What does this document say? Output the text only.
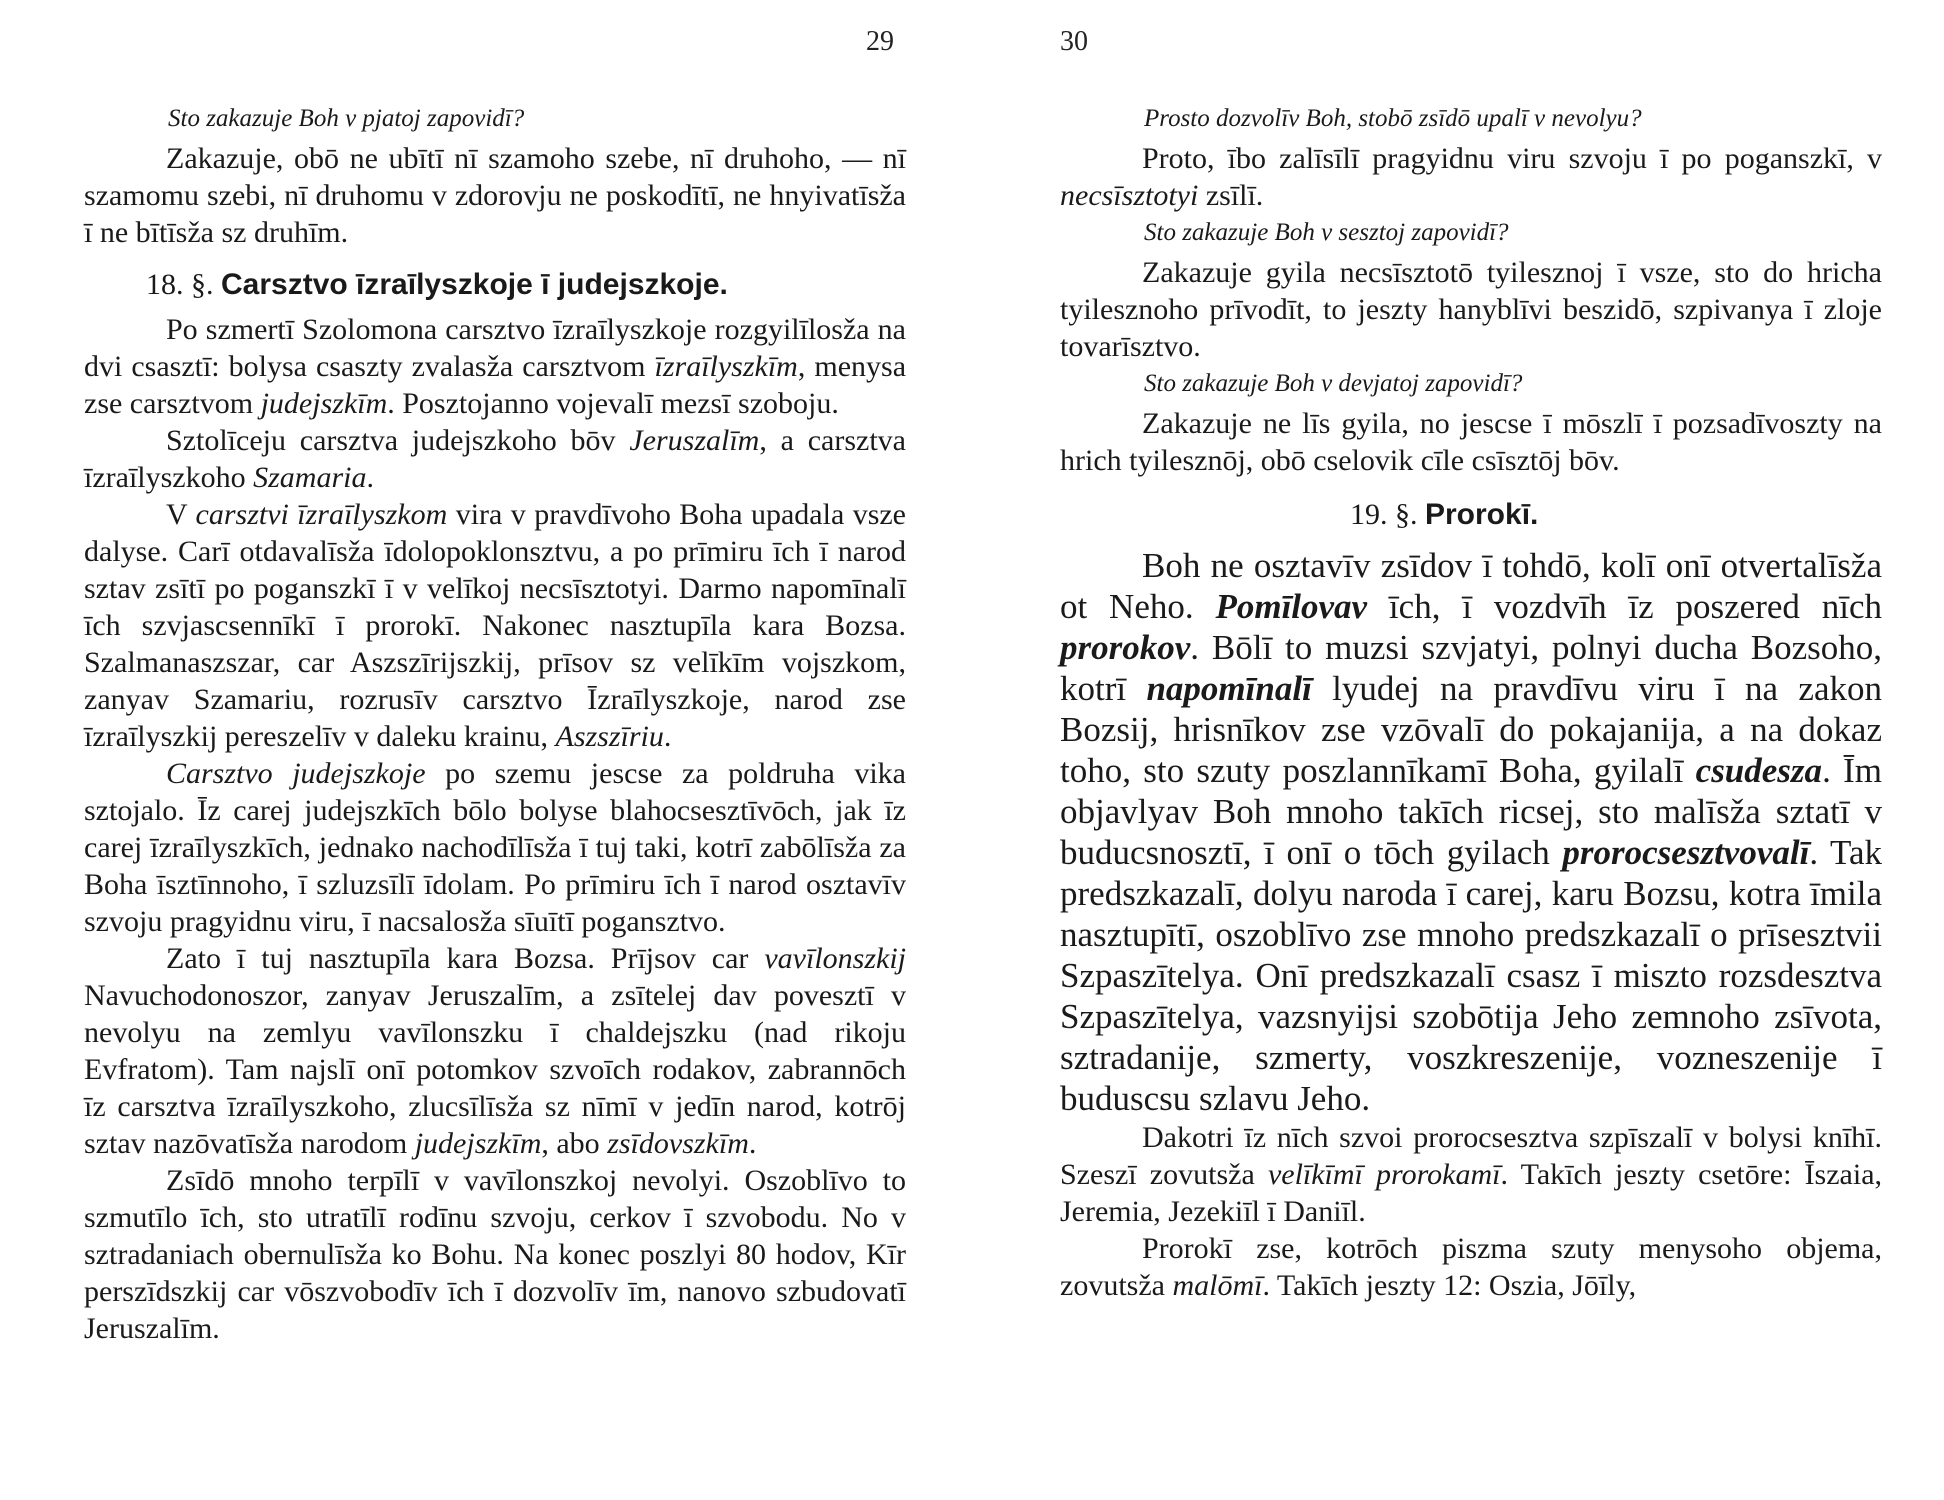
29

Sto zakazuje Boh v pjatoj zapovidī?

Zakazuje, obō ne ubītī nī szamoho szebe, nī druhoho, — nī szamomu szebi, nī druhomu v zdorovju ne poskodītī, ne hnyivatīsža ī ne bītīsža sz druhīm.

18. §. Carsztvo īzraīlyszkoje ī judejszkoje.

Po szmertī Szolomona carsztvo īzraīlyszkoje rozgyilīlosža na dvi csasztī: bolysa csaszty zvalasža carsztvom īzraīlyszkīm, menysa zse carsztvom judejszkīm. Posztojanno vojevalī mezsī szoboju.

Sztolīceju carsztva judejszkoho bōv Jeruszalīm, a carsztva īzraīlyszkoho Szamaria.

V carsztvi īzraīlyszkom vira v pravdīvoho Boha upadala vsze dalyse. Carī otdavalīsža īdolopoklonsztvu, a po prīmiru īch ī narod sztav zsītī po poganszkī ī v velīkoj necsīsztotyi. Darmo napomīnalī īch szvjascsennīkī ī prorokī. Nakonec nasztupīla kara Bozsa. Szalmanaszszar, car Aszszīrijszkij, prīsov sz velīkīm vojszkom, zanyav Szamariu, rozrusīv carsztvo Īzraīlyszkoje, narod zse īzraīlyszkij pereszelīv v daleku krainu, Aszszīriu.

Carsztvo judejszkoje po szemu jescse za poldruha vika sztojalo. Īz carej judejszkīch bōlo bolyse blahocsesztīvōch, jak īz carej īzraīlyszkīch, jednako nachodīlīsža ī tuj taki, kotrī zabōlīsža za Boha īsztīnnoho, ī szluzsīlī īdolam. Po prīmiru īch ī narod osztavīv szvoju pragyidnu viru, ī nacsalosža sīuītī pogansztvo.

Zato ī tuj nasztupīla kara Bozsa. Prījsov car vavīlonszkij Navuchodonoszor, zanyav Jeruszalīm, a zsītelej dav povesztī v nevolyu na zemlyu vavīlonszku ī chaldejszku (nad rikoju Evfratom). Tam najslī onī potomkov szvoīch rodakov, zabrannōch īz carsztva īzraīlyszkoho, zlucsīlīsža sz nīmī v jedīn narod, kotrōj sztav nazōvatīsža narodom judejszkīm, abo zsīdovszkīm.

Zsīdō mnoho terpīlī v vavīlonszkoj nevolyi. Oszoblīvo to szmutīlo īch, sto utratīlī rodīnu szvoju, cerkov ī szvobodu. No v sztradaniach obernulīsža ko Bohu. Na konec poszlyi 80 hodov, Kīr perszīdszkij car vōszvobodīv īch ī dozvolīv īm, nanovo szbudovatī Jeruszalīm.

30

Prosto dozvolīv Boh, stobō zsīdō upalī v nevolyu?

Proto, ībo zalīsīlī pragyidnu viru szvoju ī po poganszkī, v necsīsztotyi zsīlī.

Sto zakazuje Boh v sesztoj zapovidī?

Zakazuje gyila necsīsztotō tyilesznoj ī vsze, sto do hricha tyilesznoho prīvodīt, to jeszty hanyblīvi beszidō, szpivanya ī zloje tovarīsztvo.

Sto zakazuje Boh v devjatoj zapovidī?

Zakazuje ne līs gyila, no jescse ī mōszlī ī pozsadīvoszty na hrich tyilesznōj, obō cselovik cīle csīsztōj bōv.

19. §. Prorokī.

Boh ne osztavīv zsīdov ī tohdō, kolī onī otvertalīsža ot Neho. Pomīlovav īch, ī vozdvīh īz poszered nīch prorokov. Bōlī to muzsi szvjatyi, polnyi ducha Bozsoho, kotrī napomīnalī lyudej na pravdīvu viru ī na zakon Bozsij, hrisnīkov zse vzōvalī do pokajanija, a na dokaz toho, sto szuty poszlannīkamī Boha, gyilalī csudesza. Īm objavlyav Boh mnoho takīch ricsej, sto malīsža sztatī v buducsnosztī, ī onī o tōch gyilach prorocsesztvovalī. Tak predszkazalī, dolyu naroda ī carej, karu Bozsu, kotra īmila nasztupītī, oszoblīvo zse mnoho predszkazalī o prīsesztvii Szpaszītelya. Onī predszkazalī csasz ī miszto rozsdesztva Szpaszītelya, vazsnyijsi szobōtija Jeho zemnoho zsīvota, sztradanije, szmerty, voszkreszenije, vozneszenije ī buduscsu szlavu Jeho.

Dakotri īz nīch szvoi prorocsesztva szpīszalī v bolysi knīhī. Szeszī zovutsža velīkīmī prorokamī. Takīch jeszty csetōre: Īszaia, Jeremia, Jezekiīl ī Daniīl.

Prorokī zse, kotrōch piszma szuty menysoho objema, zovutsža malōmī. Takīch jeszty 12: Oszia, Jōīly,
